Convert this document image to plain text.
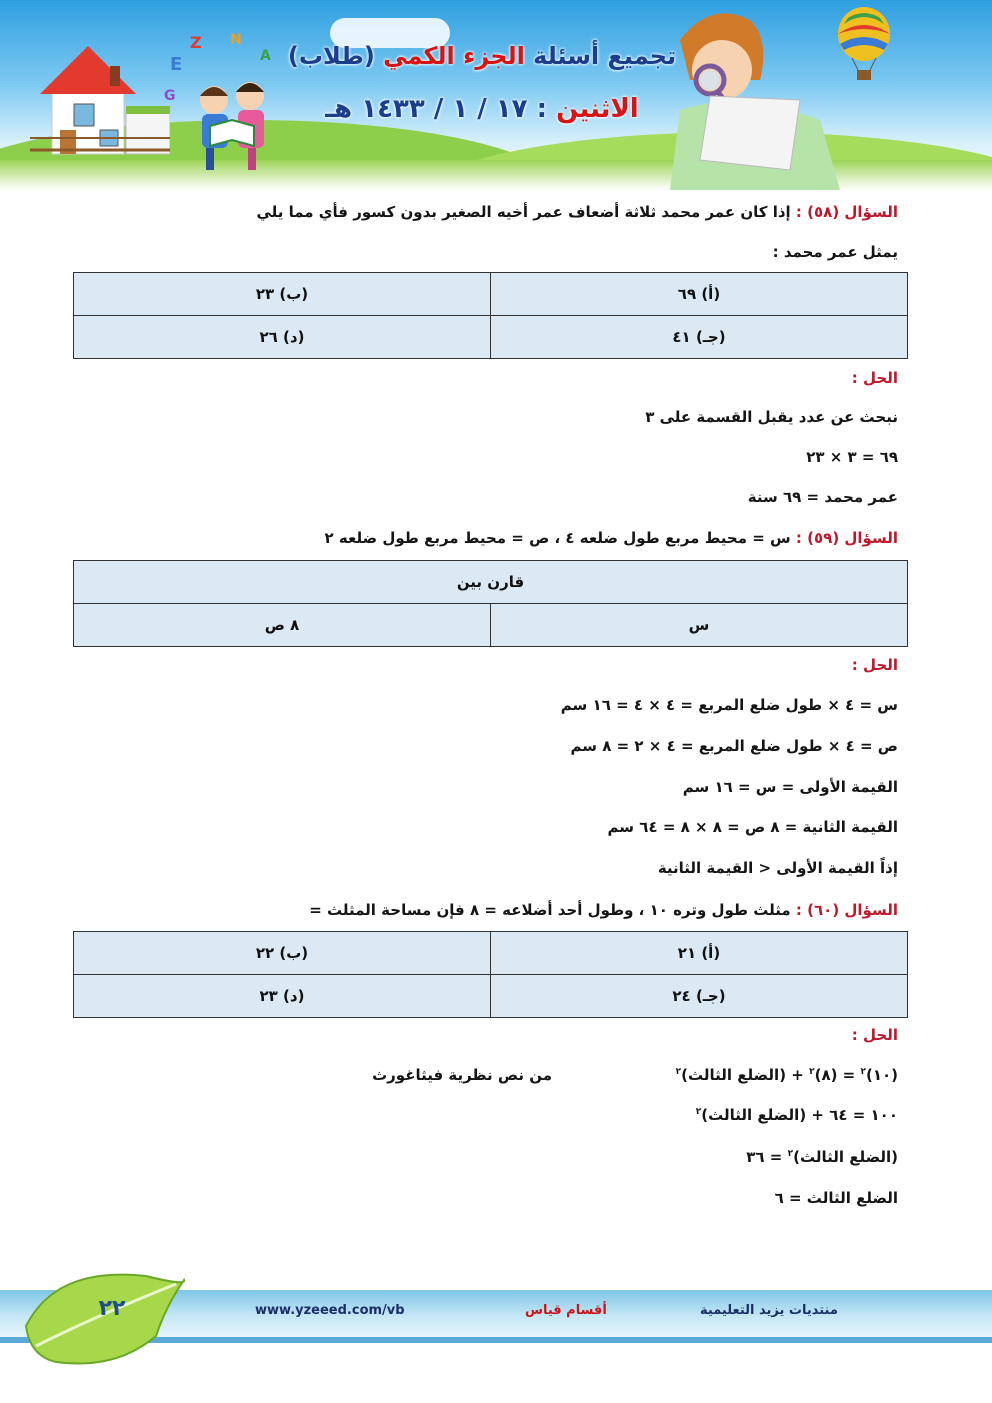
E
Z N
A
G
تجميع أسئلة الجزء الكمي (طلاب)
الاثنين : ١٧ / ١ / ١٤٣٣ هـ
السؤال (٥٨) : إذا كان عمر محمد ثلاثة أضعاف عمر أخيه الصغير بدون كسور فأي مما يلي
يمثل عمر محمد :
(أ) ٦٩	(ب) ٢٣
(جـ) ٤١	(د) ٢٦
الحل :
نبحث عن عدد يقبل القسمة على ٣
٦٩ = ٣ × ٢٣
عمر محمد = ٦٩ سنة
السؤال (٥٩) : س = محيط مربع طول ضلعه ٤ ، ص = محيط مربع طول ضلعه ٢
قارن بين
س	٨ ص
الحل :
س = ٤ × طول ضلع المربع = ٤ × ٤ = ١٦ سم
ص = ٤ × طول ضلع المربع = ٤ × ٢ = ٨ سم
القيمة الأولى = س = ١٦ سم
القيمة الثانية = ٨ ص = ٨ × ٨ = ٦٤ سم
إذاً القيمة الأولى < القيمة الثانية
السؤال (٦٠) : مثلث طول وتره ١٠ ، وطول أحد أضلاعه = ٨ فإن مساحة المثلث =
(أ) ٢١	(ب) ٢٢
(جـ) ٢٤	(د) ٢٣
الحل :
(١٠)$^٢$ = (٨)$^٢$ + (الضلع الثالث)$^٢$
من نص نظرية فيثاغورث
١٠٠ = ٦٤ + (الضلع الثالث)$^٢$
(الضلع الثالث)$^٢$ = ٣٦
الضلع الثالث = ٦
٢٢	www.yzeeed.com/vb	أقسام قياس	منتديات يزيد التعليمية
